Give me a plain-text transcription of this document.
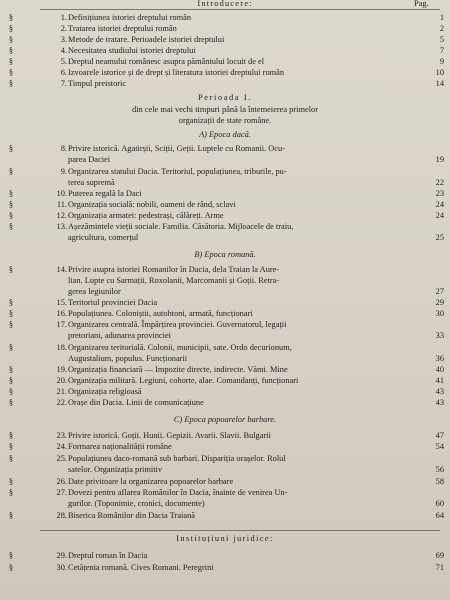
Introducere:	Pag.
§	1. Definițiunea istoriei dreptului român	1
§	2. Tratarea istoriei dreptului român	2
§	3. Metode de tratare. Perioadele istoriei dreptului	5
§	4. Necesitatea studiului istoriei dreptului	7
§	5. Dreptul neamului românesc asupra pământului locuit de el	9
§	6. Izvoarele istorice și de drept și literatura istoriei dreptului român	10
§	7. Timpul preistoric	14
Perioada I.
din cele mai vechi timpuri până la întemeierea primelor
organizații de state române.
A) Epoca dacă.
§	8. Privire istorică. Agatirșii, Sciții, Geții. Luptele cu Romanii. Ocu-
parea Daciei	19
§	9. Organizarea statului Dacia. Teritoriul, populațiunea, triburile, pu-
terea supremă	22
§	10. Puterea regală la Daci	23
§	11. Organizația socială: nobili, oameni de rând, sclavi	24
§	12. Organizația armatei: pedestrași, călăreți. Arme	24
§	13. Așezămintele vieții sociale. Familia. Căsătoria. Mijloacele de traiu,
agricultura, comerțul	25
B) Epoca romană.
§	14. Privire asupra istoriei Romanilor în Dacia, dela Traian la Aure-
lian. Lupte cu Sarmații, Roxolanii, Marcomanii și Goții. Retra-
gerea legiunilor	27
§	15. Teritoriul provinciei Dacia	29
§	16. Populațiunea. Coloniștii, autohtoni, armată, funcționari	30
§	17. Organizarea centrală. Împărțirea provinciei. Guvernatorul, legații
pretoriani, adunarea provinciei	33
§	18. Organizarea teritorială. Colonii, municipii, sate. Ordo decurionum,
Augustalium, populus. Funcționarii	36
§	19. Organizația financiară — Impozite directe, indirecte. Vămi. Mine	40
§	20. Organizația militară. Legiuni, cohorte, alae. Comandanți, funcționari	41
§	21. Organizația religioasă	43
§	22. Orașe din Dacia. Linii de comunicațiune	43
C) Epoca popoarelor barbare.
§	23. Privire istorică. Goții. Hunii. Gepizii. Avarii. Slavii. Bulgarii	47
§	24. Formarea naționalității române	54
§	25. Populațiunea daco-romană sub barbari. Dispariția orașelor. Rolul
satelor. Organizația primitiv	56
§	26. Date privitoare la organizarea popoarelor barbare	58
§	27. Dovezi pentru aflarea Românilor în Dacia, înainte de venirea Un-
gurilor. (Toponimie, cronici, documente)	60
§	28. Biserica Românilor din Dacia Traiană	64
Instituțiuni juridice:
§	29. Dreptul roman în Dacia	69
§	30. Cetățenia romană. Cives Romani. Peregrini	71
